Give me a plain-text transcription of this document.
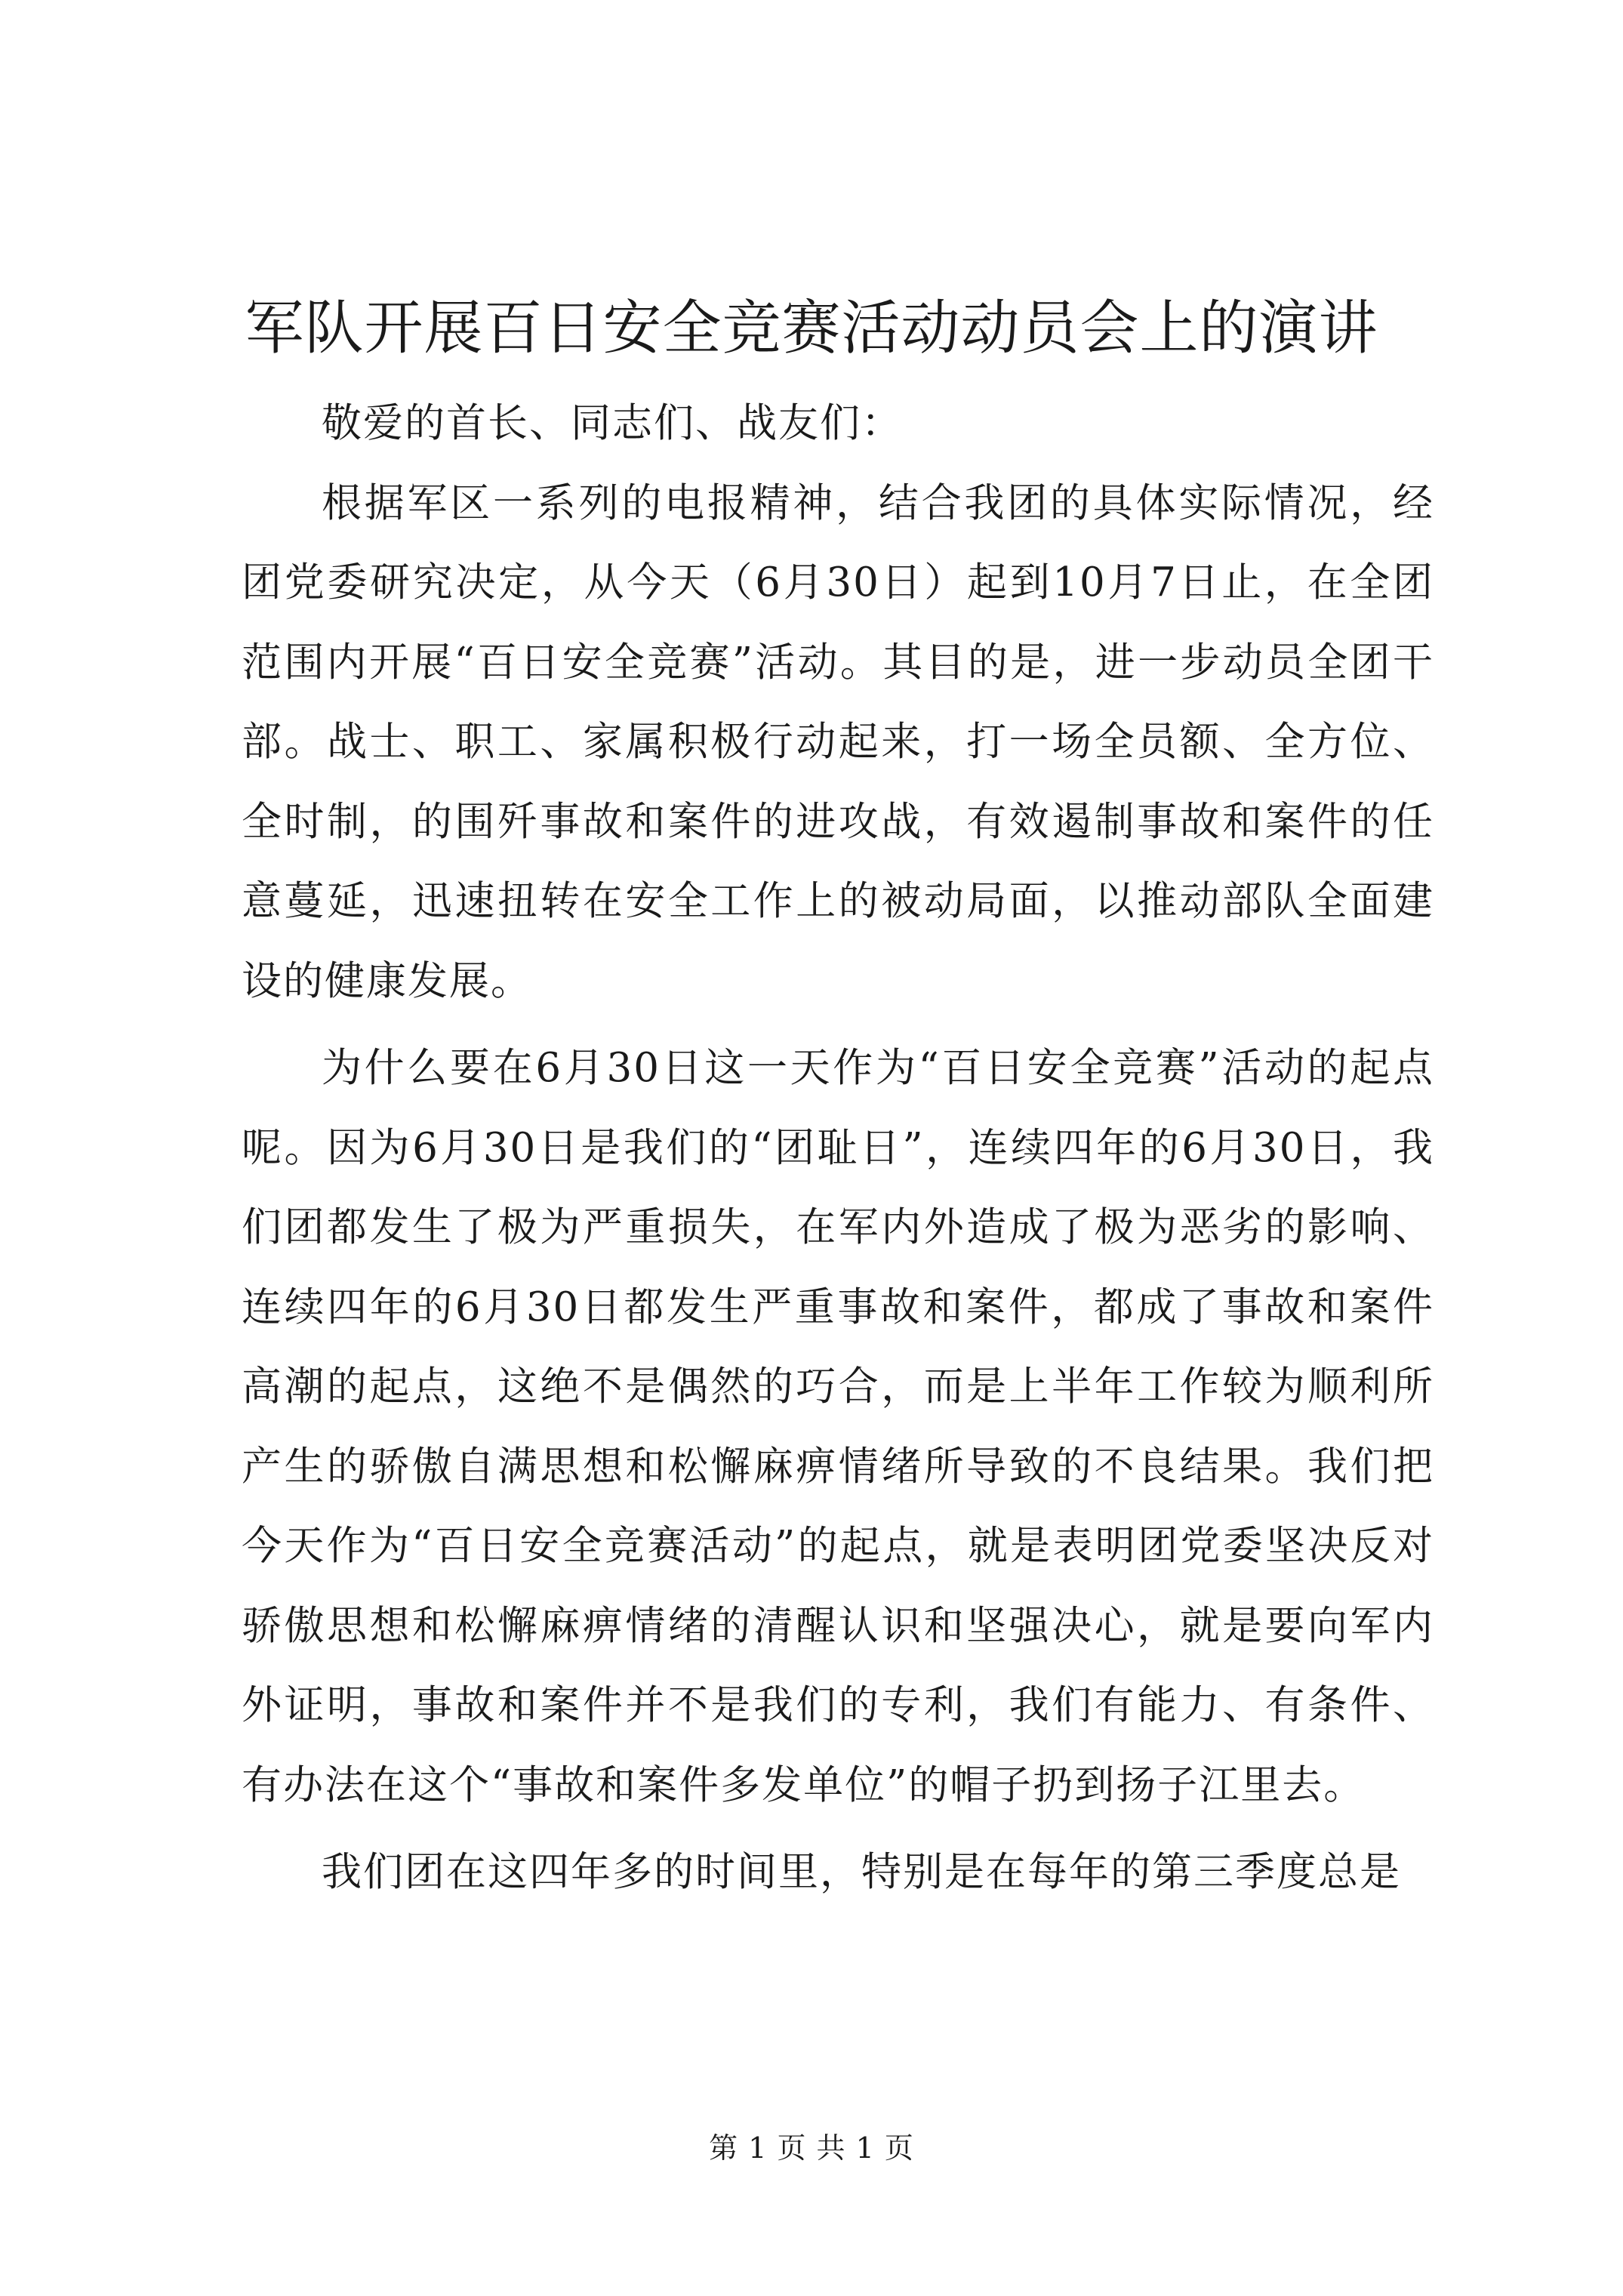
军队开展百日安全竞赛活动动员会上的演讲

敬爱的首长、同志们、战友们：

根据军区一系列的电报精神，结合我团的具体实际情况，经团党委研究决定，从今天（6月30日）起到10月7日止，在全团范围内开展“百日安全竞赛”活动。其目的是，进一步动员全团干部。战士、职工、家属积极行动起来，打一场全员额、全方位、全时制，的围歼事故和案件的进攻战，有效遏制事故和案件的任意蔓延，迅速扭转在安全工作上的被动局面，以推动部队全面建设的健康发展。

为什么要在6月30日这一天作为“百日安全竞赛”活动的起点呢。因为6月30日是我们的“团耻日”，连续四年的6月30日，我们团都发生了极为严重损失，在军内外造成了极为恶劣的影响、连续四年的6月30日都发生严重事故和案件，都成了事故和案件高潮的起点，这绝不是偶然的巧合，而是上半年工作较为顺利所产生的骄傲自满思想和松懈麻痹情绪所导致的不良结果。我们把今天作为“百日安全竞赛活动”的起点，就是表明团党委坚决反对骄傲思想和松懈麻痹情绪的清醒认识和坚强决心，就是要向军内外证明，事故和案件并不是我们的专利，我们有能力、有条件、有办法在这个“事故和案件多发单位”的帽子扔到扬子江里去。

我们团在这四年多的时间里，特别是在每年的第三季度总是

第 1 页 共 1 页
